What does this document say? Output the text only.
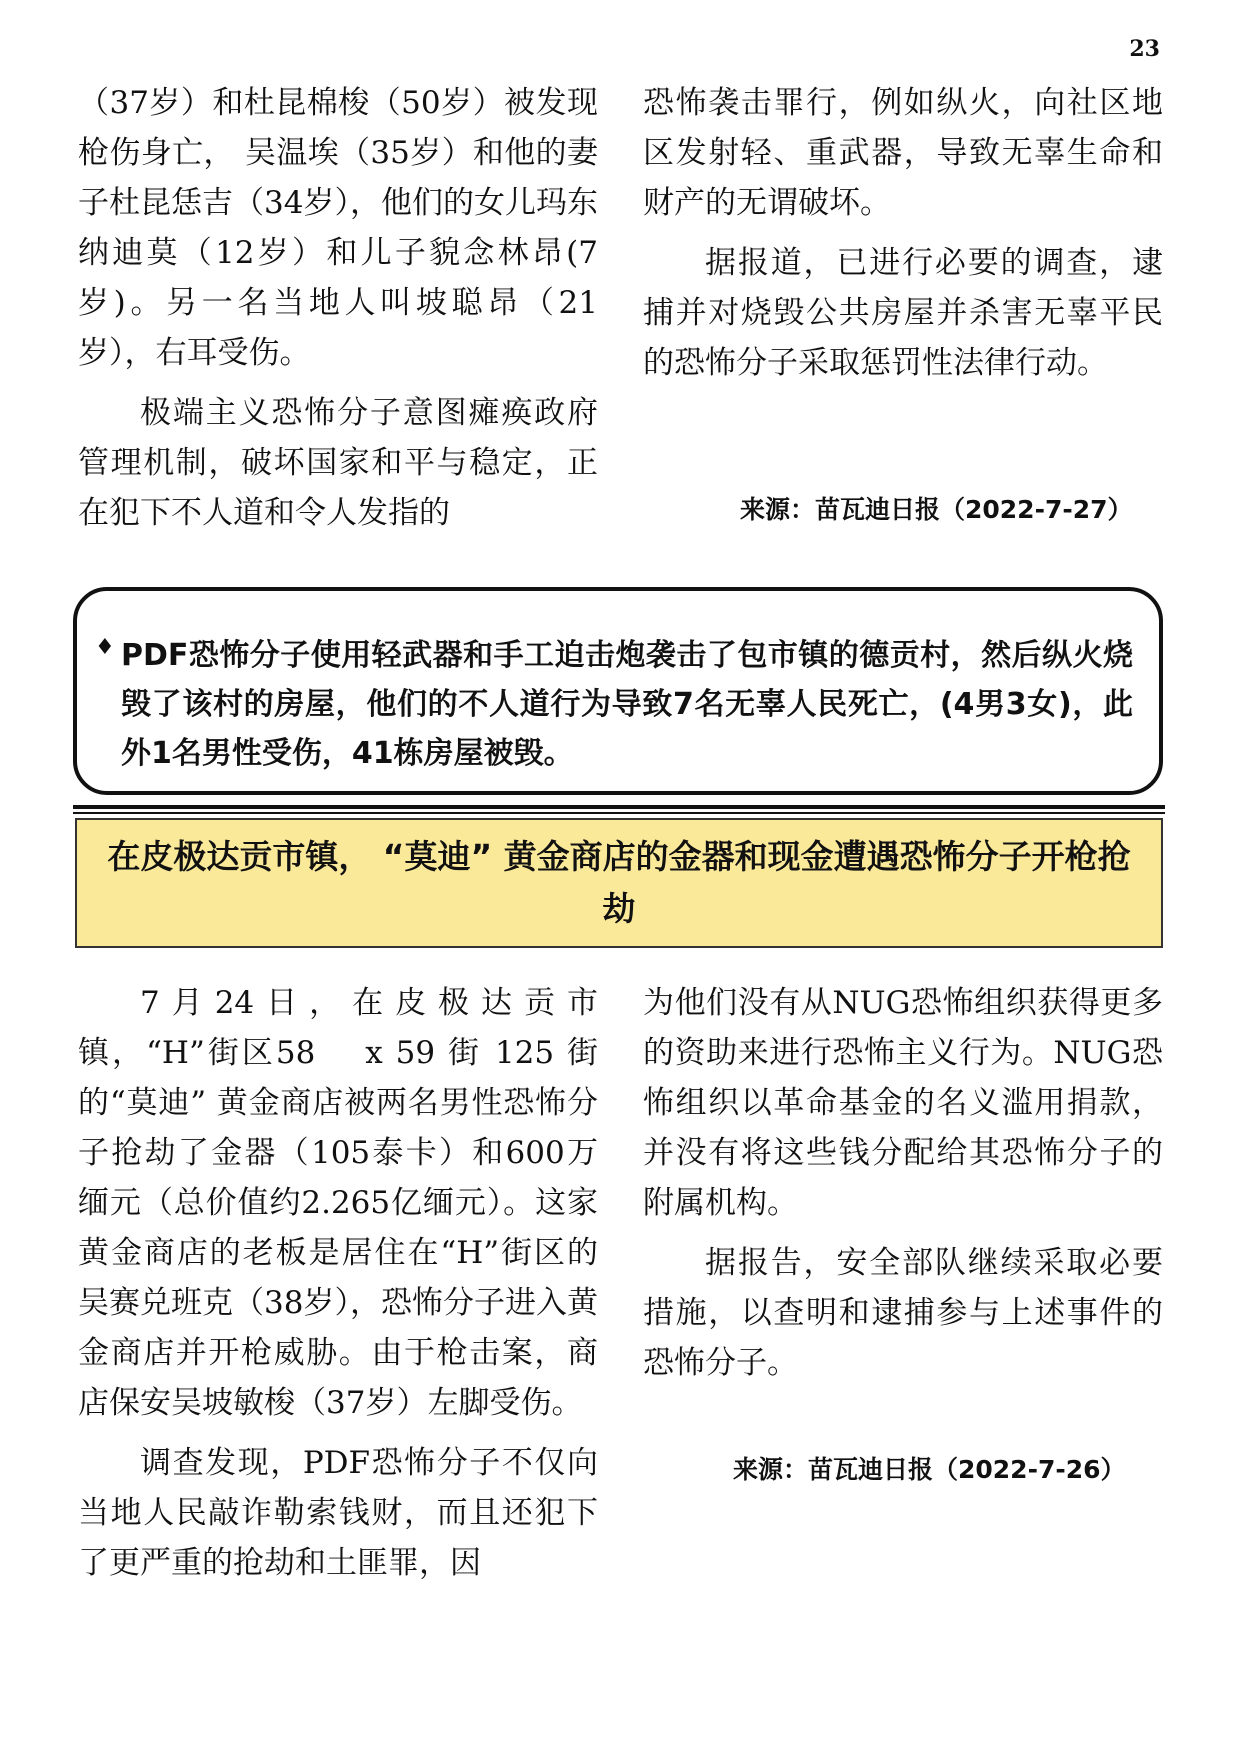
23

（37岁）和杜昆棉梭（50岁）被发现枪伤身亡， 吴温埃（35岁）和他的妻子杜昆恁吉（34岁），他们的女儿玛东纳迪莫（12岁）和儿子貌念林昂(7岁)。另一名当地人叫坡聪昂（21岁），右耳受伤。

极端主义恐怖分子意图瘫痪政府管理机制，破坏国家和平与稳定，正在犯下不人道和令人发指的

恐怖袭击罪行，例如纵火，向社区地区发射轻、重武器，导致无辜生命和财产的无谓破坏。

据报道，已进行必要的调查，逮捕并对烧毁公共房屋并杀害无辜平民的恐怖分子采取惩罚性法律行动。

来源：苗瓦迪日报（2022-7-27）
♦ PDF恐怖分子使用轻武器和手工迫击炮袭击了包市镇的德贡村，然后纵火烧毁了该村的房屋，他们的不人道行为导致7名无辜人民死亡，(4男3女)，此外1名男性受伤，41栋房屋被毁。
在皮极达贡市镇， “莫迪” 黄金商店的金器和现金遭遇恐怖分子开枪抢劫

7月24日，在皮极达贡市镇，“H”街区58　 x 59 街 125 街的“莫迪” 黄金商店被两名男性恐怖分子抢劫了金器（105泰卡）和600万缅元（总价值约2.265亿缅元）。这家黄金商店的老板是居住在“H”街区的吴赛兑班克（38岁），恐怖分子进入黄金商店并开枪威胁。由于枪击案，商店保安吴坡敏梭（37岁）左脚受伤。

调查发现，PDF恐怖分子不仅向当地人民敲诈勒索钱财，而且还犯下了更严重的抢劫和土匪罪，因

为他们没有从NUG恐怖组织获得更多的资助来进行恐怖主义行为。NUG恐怖组织以革命基金的名义滥用捐款，并没有将这些钱分配给其恐怖分子的附属机构。

据报告，安全部队继续采取必要措施，以查明和逮捕参与上述事件的恐怖分子。

来源：苗瓦迪日报（2022-7-26）
